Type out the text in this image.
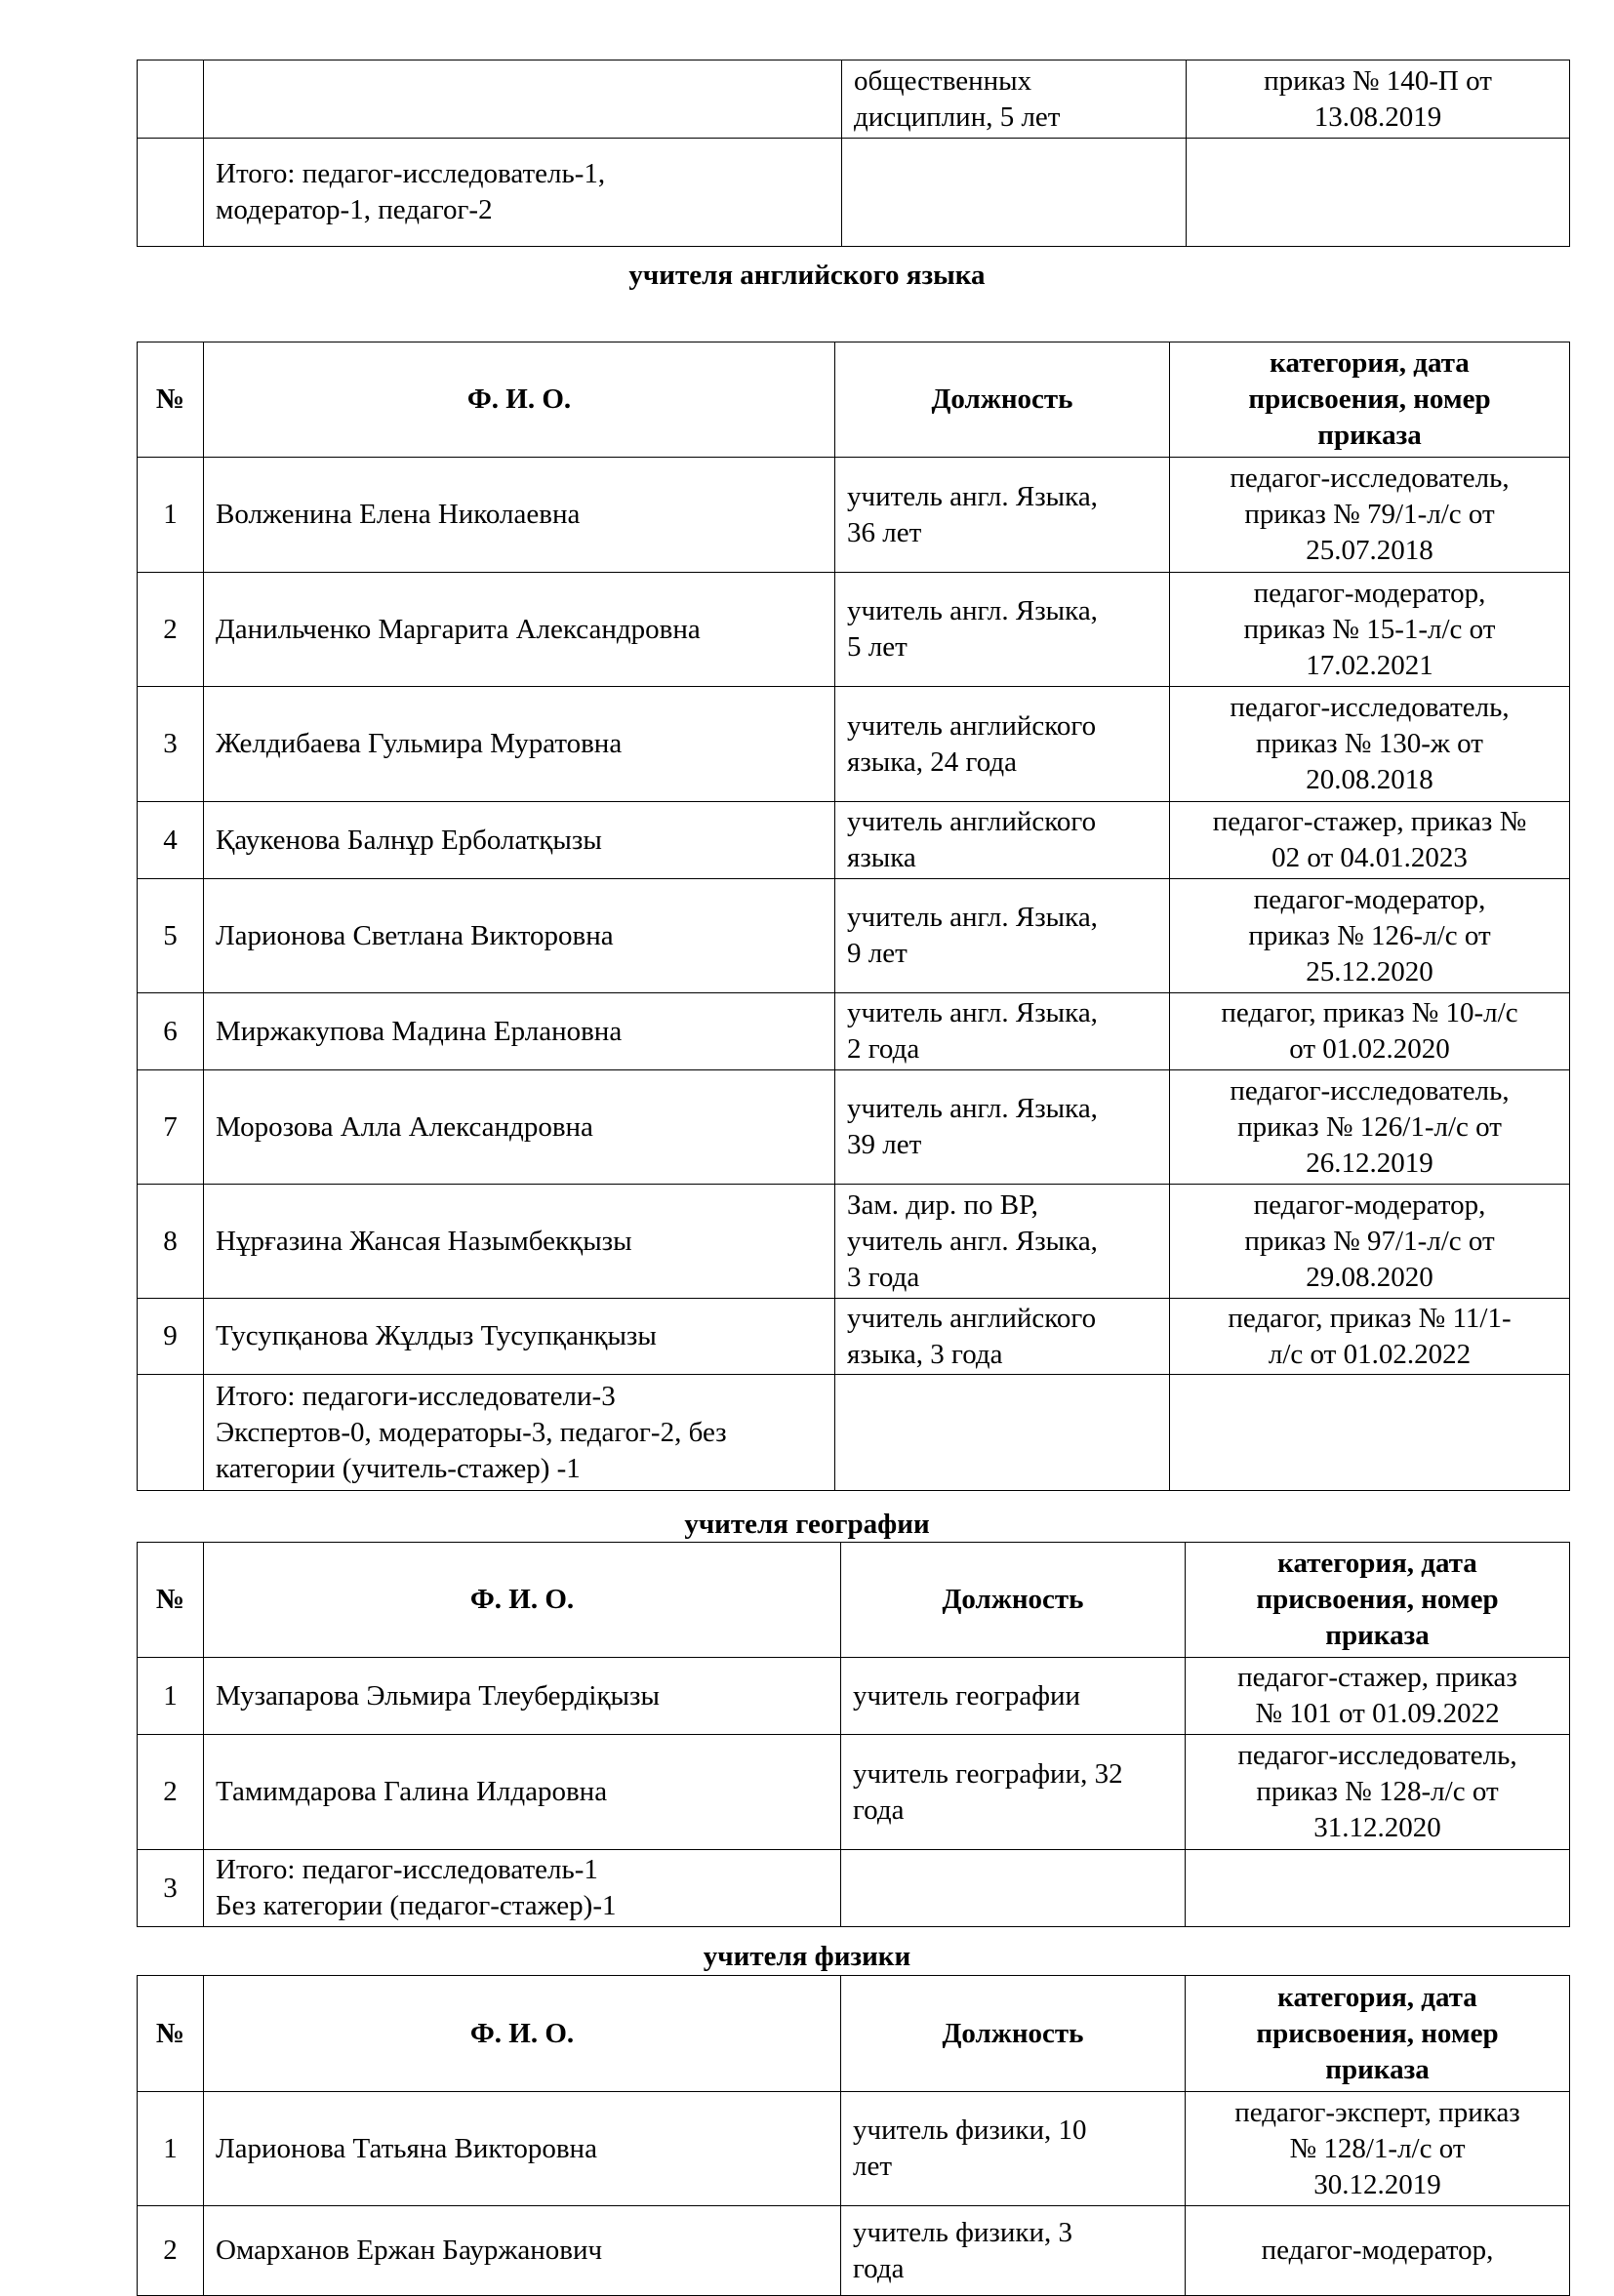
		общественных
дисциплин, 5 лет	приказ № 140-П от
13.08.2019
	Итого: педагог-исследователь-1,
модератор-1, педагог-2		
учителя английского языка
№	Ф. И. О.	Должность	категория, дата
присвоения, номер
приказа
1	Волженина Елена Николаевна	учитель англ. Языка,
36 лет	педагог-исследователь,
приказ № 79/1-л/с от
25.07.2018
2	Данильченко Маргарита Александровна	учитель англ. Языка,
5 лет	педагог-модератор,
приказ № 15-1-л/с от
17.02.2021
3	Желдибаева Гульмира Муратовна	учитель английского
языка, 24 года	педагог-исследователь,
приказ № 130-ж от
20.08.2018
4	Қаукенова Балнұр Ерболатқызы	учитель английского
языка	педагог-стажер, приказ №
02 от 04.01.2023
5	Ларионова Светлана Викторовна	учитель англ. Языка,
9 лет	педагог-модератор,
приказ № 126-л/с от
25.12.2020
6	Миржакупова Мадина Ерлановна	учитель англ. Языка,
2 года	педагог, приказ № 10-л/с
от 01.02.2020
7	Морозова Алла Александровна	учитель англ. Языка,
39 лет	педагог-исследователь,
приказ № 126/1-л/с от
26.12.2019
8	Нұрғазина Жансая Назымбекқызы	Зам. дир. по ВР,
учитель англ. Языка,
3 года	педагог-модератор,
приказ № 97/1-л/с от
29.08.2020
9	Тусупқанова Жұлдыз Тусупқанқызы	учитель английского
языка, 3 года	педагог, приказ № 11/1-
л/с от 01.02.2022
	Итого: педагоги-исследователи-3
Экспертов-0, модераторы-3, педагог-2, без
категории (учитель-стажер) -1		
учителя географии
№	Ф. И. О.	Должность	категория, дата
присвоения, номер
приказа
1	Музапарова Эльмира Тлеубердіқызы	учитель географии	педагог-стажер, приказ
№ 101 от 01.09.2022
2	Тамимдарова Галина Илдаровна	учитель географии, 32
года	педагог-исследователь,
приказ № 128-л/с от
31.12.2020
3	Итого: педагог-исследователь-1
Без категории (педагог-стажер)-1		
учителя физики
№	Ф. И. О.	Должность	категория, дата
присвоения, номер
приказа
1	Ларионова Татьяна Викторовна	учитель физики, 10
лет	педагог-эксперт, приказ
№ 128/1-л/с от
30.12.2019
2	Омарханов Ержан Бауржанович	учитель физики, 3
года	педагог-модератор,
